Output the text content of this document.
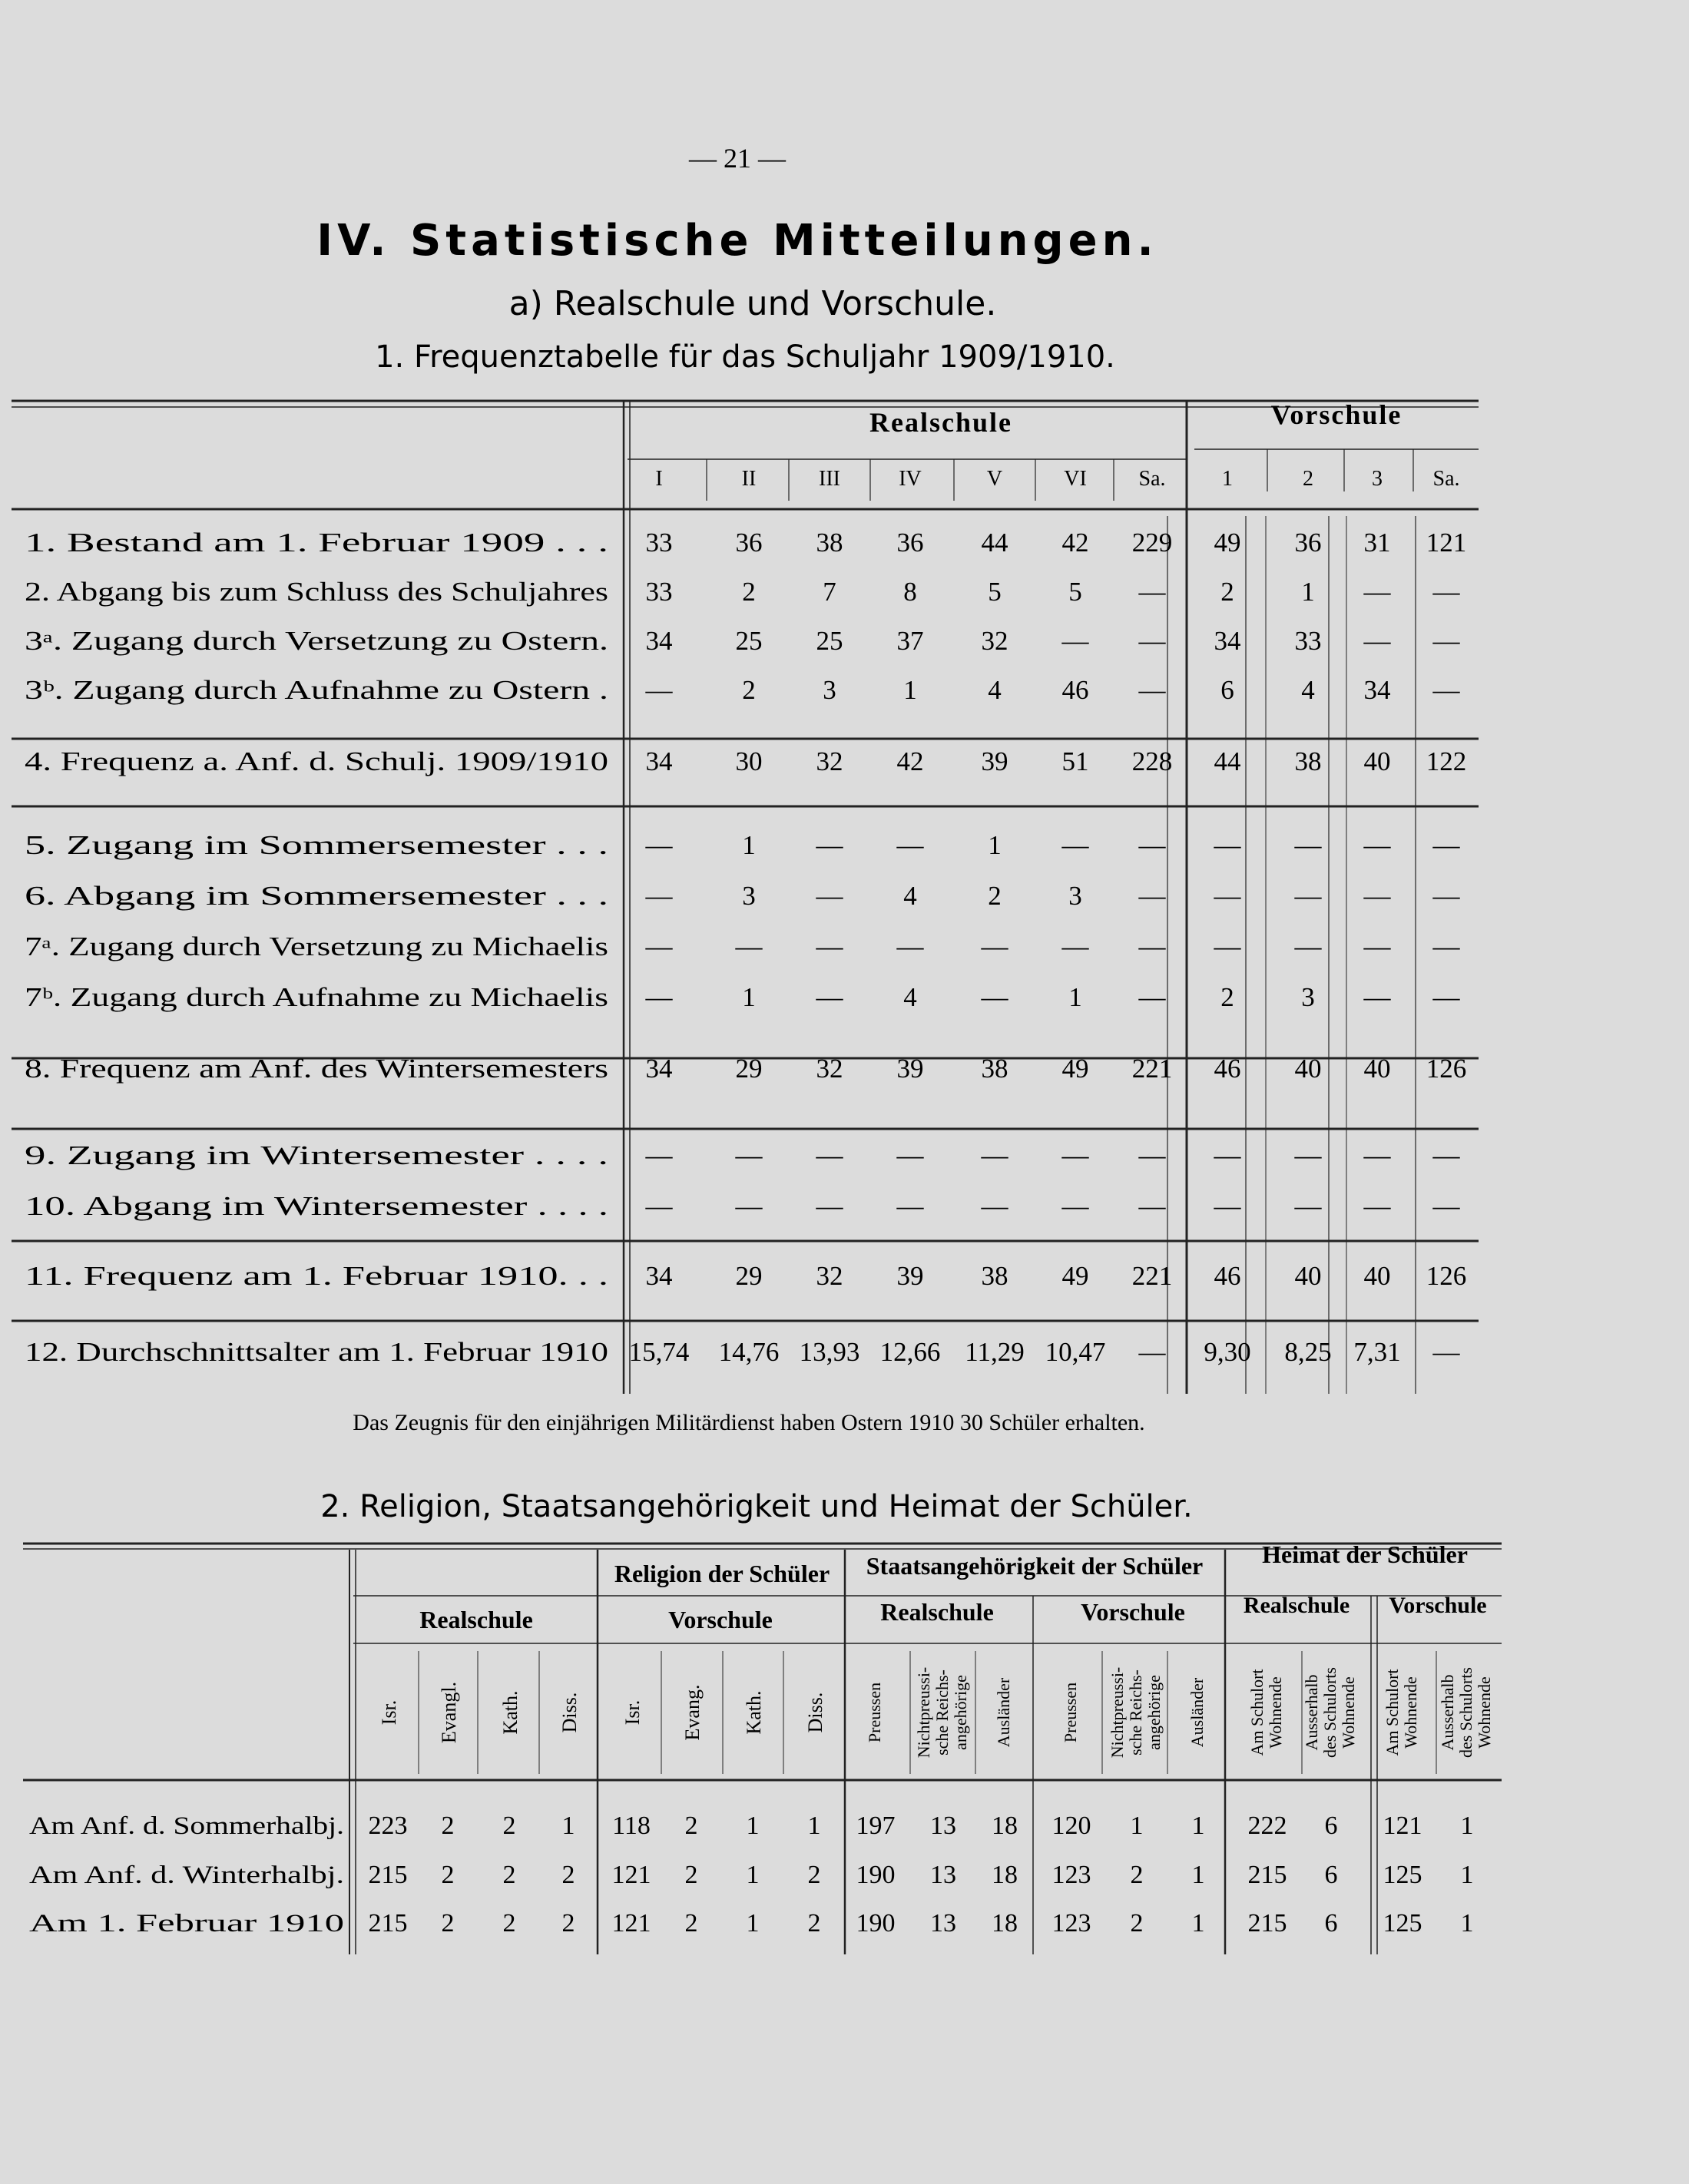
— 21 —
IV. Statistische Mitteilungen.
a) Realschule und Vorschule.
1. Frequenztabelle für das Schuljahr 1909/1910.
Realschule	Vorschule
I	II	III	IV	V	VI Sa.	1	2	3 Sa.
1. Bestand am 1. Februar 1909 . . . 33 36 38 36 44 42 229 49 36 31 121
2. Abgang bis zum Schluss des Schuljahres 33	2	7	8	5	5 — 2	1 — —
3ᵃ. Zugang durch Versetzung zu Ostern. 34 25 25 37 32 — — 34 33 — —
3ᵇ. Zugang durch Aufnahme zu Ostern . —	2	3	1	4 46 — 6	4 34 —
4. Frequenz a. Anf. d. Schulj. 1909/1910 34 30 32 42 39 51 228 44 38 40 122
5. Zugang im Sommersemester . . . —	1 — — 1 — — — — — —
6. Abgang im Sommersemester . . . —	3 — 4	2	3 — — — — —
7ᵃ. Zugang durch Versetzung zu Michaelis — — — — — — — — — — —
7ᵇ. Zugang durch Aufnahme zu Michaelis —	1 — 4 — 1 — 2	3 — —
8. Frequenz am Anf. des Wintersemesters 34 29 32 39 38 49 221 46 40 40 126
9. Zugang im Wintersemester . . . . — — — — — — — — — — —
10. Abgang im Wintersemester . . . . — — — — — — — — — — —
11. Frequenz am 1. Februar 1910. . . 34 29 32 39 38 49 221 46 40 40 126
12. Durchschnittsalter am 1. Februar 1910 15,74 14,76 13,93 12,66 11,29 10,47 — 9,30 8,25 7,31 —
Das Zeugnis für den einjährigen Militärdienst haben Ostern 1910 30 Schüler erhalten.
2. Religion, Staatsangehörigkeit und Heimat der Schüler.
Religion der Schüler Staatsangehörigkeit der Schüler Heimat der Schüler
Realschule	Vorschule	Realschule	Vorschule	Realschule Vorschule
Isr. Evangl. Kath. Diss. Isr. Evang. Kath. Diss. Preussen Nichtpreussi- sche Reichs- angehörige Ausländer	Preussen Nichtpreussi- sche Reichs- angehörige Ausländer Am Schulort Wohnende Ausserhalb des Schulorts Wohnende Am Schulort Wohnende Ausserhalb des Schulorts Wohnende
Am Anf. d. Sommerhalbj. 223 2 2 1 118 2 1 1 197 13 18 120 1 1 222 6 121 1
Am Anf. d. Winterhalbj. 215 2 2 2 121 2 1 2 190 13 18 123 2 1 215 6 125 1
Am 1. Februar 1910 215 2 2 2 121 2 1 2 190 13 18 123 2 1 215 6 125 1
